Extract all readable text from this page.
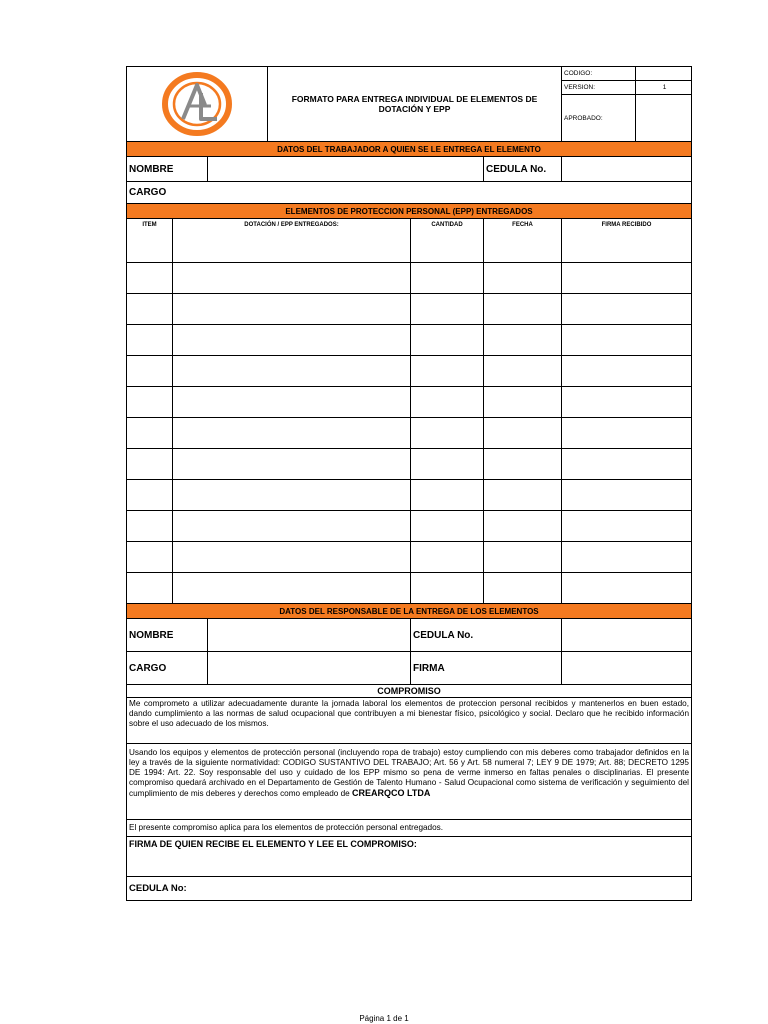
FORMATO PARA ENTREGA INDIVIDUAL DE ELEMENTOS DE DOTACIÓN Y EPP
CODIGO:
VERSION:	1
APROBADO:
DATOS DEL TRABAJADOR A QUIEN SE LE ENTREGA EL ELEMENTO
NOMBRE	CEDULA No.
CARGO
ELEMENTOS DE PROTECCION PERSONAL (EPP) ENTREGADOS
ITEM	DOTACIÓN / EPP ENTREGADOS:	CANTIDAD	FECHA	FIRMA RECIBIDO
DATOS DEL RESPONSABLE DE LA ENTREGA DE LOS ELEMENTOS
NOMBRE	CEDULA No.
CARGO	FIRMA
COMPROMISO
Me comprometo a utilizar adecuadamente durante la jornada laboral los elementos de proteccion personal recibidos y mantenerlos en buen estado, dando cumplimiento a las normas de salud ocupacional que contribuyen a mi bienestar físico, psicológico y social. Declaro que he recibido información sobre el uso adecuado de los mismos.
Usando los equipos y elementos de protección personal (incluyendo ropa de trabajo) estoy cumpliendo con mis deberes como trabajador definidos en la ley a través de la siguiente normatividad: CODIGO SUSTANTIVO DEL TRABAJO; Art. 56 y Art. 58 numeral 7; LEY 9 DE 1979; Art. 88; DECRETO 1295 DE 1994: Art. 22. Soy responsable del uso y cuidado de los EPP mismo so pena de verme inmerso en faltas penales o disciplinarias. El presente compromiso quedará archivado en el Departamento de Gestión de Talento Humano - Salud Ocupacional como sistema de verificación y seguimiento del cumplimiento de mis deberes y derechos como empleado de CREARQCO LTDA
El presente compromiso aplica para los elementos de protección personal entregados.
FIRMA DE QUIEN RECIBE EL ELEMENTO Y LEE EL COMPROMISO:
CEDULA No:
Página 1 de 1
